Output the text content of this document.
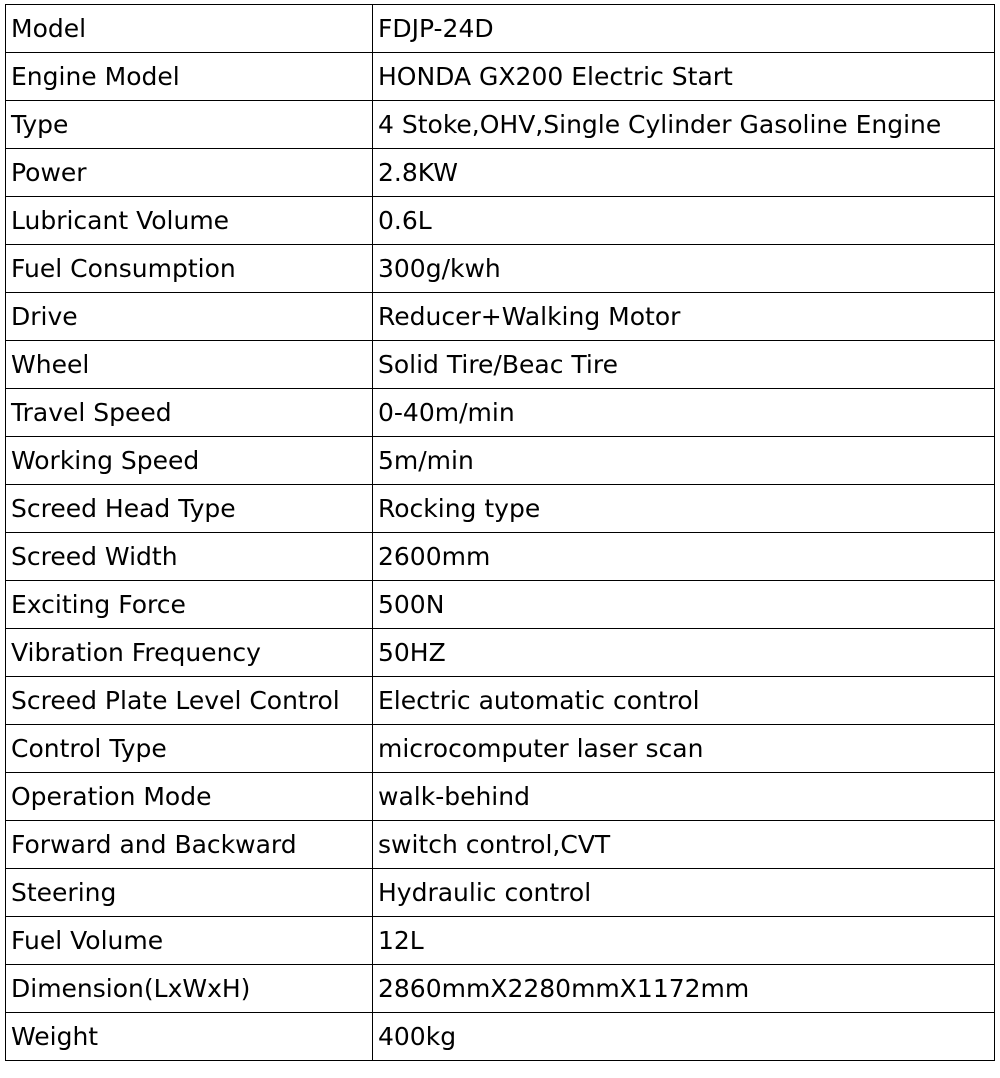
Model	FDJP-24D
Engine Model	HONDA GX200 Electric Start
Type	4 Stoke,OHV,Single Cylinder Gasoline Engine
Power	2.8KW
Lubricant Volume	0.6L
Fuel Consumption	300g/kwh
Drive	Reducer+Walking Motor
Wheel	Solid Tire/Beac Tire
Travel Speed	0-40m/min
Working Speed	5m/min
Screed Head Type	Rocking type
Screed Width	2600mm
Exciting Force	500N
Vibration Frequency	50HZ
Screed Plate Level Control	Electric automatic control
Control Type	microcomputer laser scan
Operation Mode	walk-behind
Forward and Backward	switch control,CVT
Steering	Hydraulic control
Fuel Volume	12L
Dimension(LxWxH)	2860mmX2280mmX1172mm
Weight	400kg
